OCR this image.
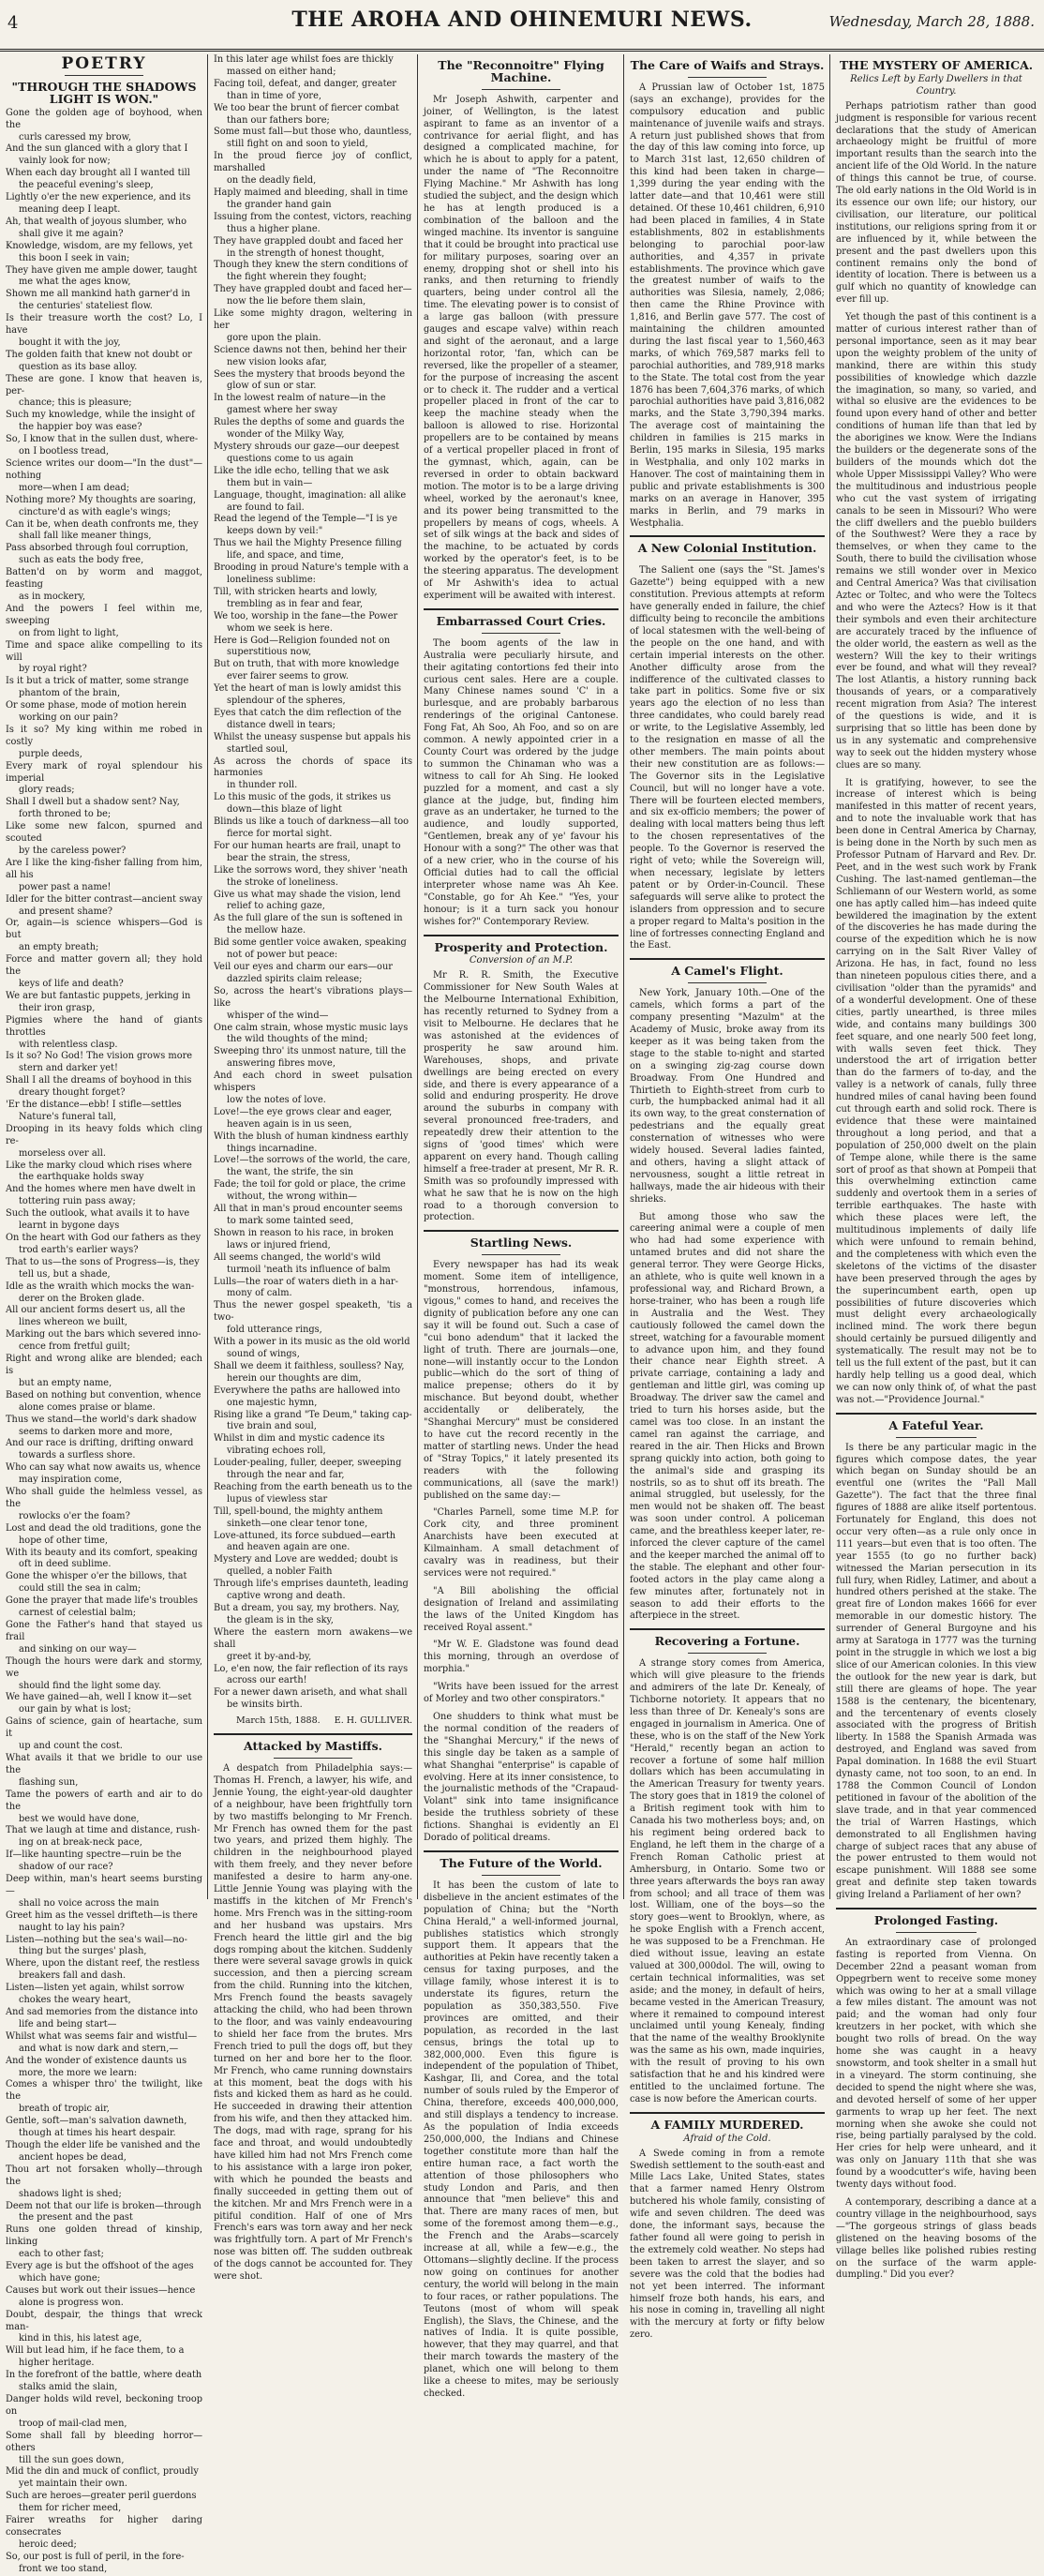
4	THE AROHA AND OHINEMURI NEWS.	Wednesday, March 28, 1888.
POETRY
"THROUGH THE SHADOWS LIGHT IS WON."
Gone the golden age of boyhood, when the
curls caressed my brow,
And the sun glanced with a glory that I
vainly look for now;
When each day brought all I wanted till
the peaceful evening's sleep,
Lightly o'er the new experience, and its
meaning deep I leapt.
Ah, that wealth of joyous slumber, who
shall give it me again?
Knowledge, wisdom, are my fellows, yet
this boon I seek in vain;
They have given me ample dower, taught
me what the ages know,
Shown me all mankind hath garner'd in
the centuries' stateliest flow.
Is their treasure worth the cost? Lo, I have
bought it with the joy,
The golden faith that knew not doubt or
question as its base alloy.
These are gone. I know that heaven is, per-
chance; this is pleasure;
Such my knowledge, while the insight of
the happier boy was ease?
So, I know that in the sullen dust, where-
on I bootless tread,
Science writes our doom—"In the dust"—nothing
more—when I am dead;
Nothing more? My thoughts are soaring,
cincture'd as with eagle's wings;
Can it be, when death confronts me, they
shall fall like meaner things,
Pass absorbed through foul corruption,
such as eats the body free,
Batten'd on by worm and maggot, feasting
as in mockery,
And the powers I feel within me, sweeping
on from light to light,
Time and space alike compelling to its will
by royal right?
Is it but a trick of matter, some strange
phantom of the brain,
Or some phase, mode of motion herein
working on our pain?
Is it so? My king within me robed in costly
purple deeds,
Every mark of royal splendour his imperial
glory reads;
Shall I dwell but a shadow sent? Nay,
forth throned to be;
Like some new falcon, spurned and scouted
by the careless power?
Are I like the king-fisher falling from him, all his
power past a name!
Idler for the bitter contrast—ancient sway
and present shame?
Or, again—is science whispers—God is but
an empty breath;
Force and matter govern all; they hold the
keys of life and death?
We are but fantastic puppets, jerking in
their iron grasp,
Pigmies where the hand of giants throttles
with relentless clasp.
Is it so? No God! The vision grows more
stern and darker yet!
Shall I all the dreams of boyhood in this
dreary thought forget?
'Er the distance—ebb! I stifle—settles
Nature's funeral tall,
Drooping in its heavy folds which cling re-
morseless over all.
Like the marky cloud which rises where
the earthquake holds sway
And the homes where men have dwelt in
tottering ruin pass away;
Such the outlook, what avails it to have
learnt in bygone days
On the heart with God our fathers as they
trod earth's earlier ways?
That to us—the sons of Progress—is, they
tell us, but a shade,
Idle as the wraith which mocks the wan-
derer on the Broken glade.
All our ancient forms desert us, all the
lines whereon we built,
Marking out the bars which severed inno-
cence from fretful guilt;
Right and wrong alike are blended; each is
but an empty name,
Based on nothing but convention, whence
alone comes praise or blame.
Thus we stand—the world's dark shadow
seems to darken more and more,
And our race is drifting, drifting onward
towards a surfless shore.
Who can say what now awaits us, whence
may inspiration come,
Who shall guide the helmless vessel, as the
rowlocks o'er the foam?
Lost and dead the old traditions, gone the
hope of other time,
With its beauty and its comfort, speaking
oft in deed sublime.
Gone the whisper o'er the billows, that
could still the sea in calm;
Gone the prayer that made life's troubles
carnest of celestial balm;
Gone the Father's hand that stayed us frail
and sinking on our way—
Though the hours were dark and stormy, we
should find the light some day.
We have gained—ah, well I know it—set
our gain by what is lost;
Gains of science, gain of heartache, sum it
up and count the cost.
What avails it that we bridle to our use the
flashing sun,
Tame the powers of earth and air to do the
best we would have done,
That we laugh at time and distance, rush-
ing on at break-neck pace,
If—like haunting spectre—ruin be the
shadow of our race?
Deep within, man's heart seems bursting—
shall no voice across the main
Greet him as the vessel drifteth—is there
naught to lay his pain?
Listen—nothing but the sea's wail—no-
thing but the surges' plash,
Where, upon the distant reef, the restless
breakers fall and dash.
Listen—listen yet again, whilst sorrow
chokes the weary heart,
And sad memories from the distance into
life and being start—
Whilst what was seems fair and wistful—
and what is now dark and stern,—
And the wonder of existence daunts us
more, the more we learn:
Comes a whisper thro' the twilight, like the
breath of tropic air,
Gentle, soft—man's salvation dawneth,
though at times his heart despair.
Though the elder life be vanished and the
ancient hopes be dead,
Thou art not forsaken wholly—through the
shadows light is shed;
Deem not that our life is broken—through
the present and the past
Runs one golden thread of kinship, linking
each to other fast;
Every age is but the offshoot of the ages
which have gone;
Causes but work out their issues—hence
alone is progress won.
Doubt, despair, the things that wreck man-
kind in this, his latest age,
Will but lead him, if he face them, to a
higher heritage.
In the forefront of the battle, where death
stalks amid the slain,
Danger holds wild revel, beckoning troop on
troop of mail-clad men,
Some shall fall by bleeding horror—others
till the sun goes down,
Mid the din and muck of conflict, proudly
yet maintain their own.
Such are heroes—greater peril guerdons
them for richer meed,
Fairer wreaths for higher daring consecrates
heroic deed;
So, our post is full of peril, in the fore-
front we too stand,
In this later age whilst foes are thickly
massed on either hand;
Facing toil, defeat, and danger, greater
than in time of yore,
We too bear the brunt of fiercer combat
than our fathers bore;
Some must fall—but those who, dauntless,
still fight on and soon to yield,
In the proud fierce joy of conflict, marshalled
on the deadly field,
Haply maimed and bleeding, shall in time
the grander hand gain
Issuing from the contest, victors, reaching
thus a higher plane.
They have grappled doubt and faced her
in the strength of honest thought,
Though they knew the stern conditions of
the fight wherein they fought;
They have grappled doubt and faced her—
now the lie before them slain,
Like some mighty dragon, weltering in her
gore upon the plain.
Science dawns not then, behind her their
new vision looks afar,
Sees the mystery that broods beyond the
glow of sun or star.
In the lowest realm of nature—in the
gamest where her sway
Rules the depths of some and guards the
wonder of the Milky Way,
Mystery shrouds our gaze—our deepest
questions come to us again
Like the idle echo, telling that we ask
them but in vain—
Language, thought, imagination: all alike
are found to fail.
Read the legend of the Temple—"I is ye
keeps down by veil:"
Thus we hail the Mighty Presence filling
life, and space, and time,
Brooding in proud Nature's temple with a
loneliness sublime:
Till, with stricken hearts and lowly,
trembling as in fear and fear,
We too, worship in the fane—the Power
whom we seek is here.
Here is God—Religion founded not on
superstitious now,
But on truth, that with more knowledge
ever fairer seems to grow.
Yet the heart of man is lowly amidst this
splendour of the spheres,
Eyes that catch the dim reflection of the
distance dwell in tears;
Whilst the uneasy suspense but appals his
startled soul,
As across the chords of space its harmonies
in thunder roll.
Lo this music of the gods, it strikes us
down—this blaze of light
Blinds us like a touch of darkness—all too
fierce for mortal sight.
For our human hearts are frail, unapt to
bear the strain, the stress,
Like the sorrows word, they shiver 'neath
the stroke of loneliness.
Give us what may shade the vision, lend
relief to aching gaze,
As the full glare of the sun is softened in
the mellow haze.
Bid some gentler voice awaken, speaking
not of power but peace:
Veil our eyes and charm our ears—our
dazzled spirits claim release;
So, across the heart's vibrations plays—like
whisper of the wind—
One calm strain, whose mystic music lays
the wild thoughts of the mind;
Sweeping thro' its unmost nature, till the
answering fibres move,
And each chord in sweet pulsation whispers
low the notes of love.
Love!—the eye grows clear and eager,
heaven again is in us seen,
With the blush of human kindness earthly
things incarnadine.
Love!—the sorrows of the world, the care,
the want, the strife, the sin
Fade; the toil for gold or place, the crime
without, the wrong within—
All that in man's proud encounter seems
to mark some tainted seed,
Shown in reason to his race, in broken
laws or injured friend,
All seems changed, the world's wild
turmoil 'neath its influence of balm
Lulls—the roar of waters dieth in a har-
mony of calm.
Thus the newer gospel speaketh, 'tis a two-
fold utterance rings,
With a power in its music as the old world
sound of wings,
Shall we deem it faithless, soulless? Nay,
herein our thoughts are dim,
Everywhere the paths are hallowed into
one majestic hymn,
Rising like a grand "Te Deum," taking cap-
tive brain and soul,
Whilst in dim and mystic cadence its
vibrating echoes roll,
Louder-pealing, fuller, deeper, sweeping
through the near and far,
Reaching from the earth beneath us to the
lupus of viewless star
Till, spell-bound, the mighty anthem
sinketh—one clear tenor tone,
Love-attuned, its force subdued—earth
and heaven again are one.
Mystery and Love are wedded; doubt is
quelled, a nobler Faith
Through life's emprises daunteth, leading
captive wrong and death.
But a dream, you say, my brothers. Nay,
the gleam is in the sky,
Where the eastern morn awakens—we shall
greet it by-and-by,
Lo, e'en now, the fair reflection of its rays
across our earth!
For a newer dawn ariseth, and what shall
be winsits birth.
March 15th, 1888. E. H. GULLIVER.
Attacked by Mastiffs.

A despatch from Philadelphia says:—Thomas H. French, a lawyer, his wife, and Jennie Young, the eight-year-old daughter of a neighbour, have been frightfully torn by two mastiffs belonging to Mr French. Mr French has owned them for the past two years, and prized them highly. The children in the neighbourhood played with them freely, and they never before manifested a desire to harm any-one. Little Jennie Young was playing with the mastiffs in the kitchen of Mr French's home. Mrs French was in the sitting-room and her husband was upstairs. Mrs French heard the little girl and the big dogs romping about the kitchen. Suddenly there were several savage growls in quick succession, and then a piercing scream from the child. Running into the kitchen, Mrs French found the beasts savagely attacking the child, who had been thrown to the floor, and was vainly endeavouring to shield her face from the brutes. Mrs French tried to pull the dogs off, but they turned on her and bore her to the floor. Mr French, who came running downstairs at this moment, beat the dogs with his fists and kicked them as hard as he could. He succeeded in drawing their attention from his wife, and then they attacked him. The dogs, mad with rage, sprang for his face and throat, and would undoubtedly have killed him had not Mrs French come to his assistance with a large iron poker, with which he pounded the beasts and finally succeeded in getting them out of the kitchen. Mr and Mrs French were in a pitiful condition. Half of one of Mrs French's ears was torn away and her neck was frightfully torn. A part of Mr French's nose was bitten off. The sudden outbreak of the dogs cannot be accounted for. They were shot.

The "Reconnoitre" Flying Machine.

Mr Joseph Ashwith, carpenter and joiner, of Wellington, is the latest aspirant to fame as an inventor of a contrivance for aerial flight, and has designed a complicated machine, for which he is about to apply for a patent, under the name of "The Reconnoitre Flying Machine." Mr Ashwith has long studied the subject, and the design which he has at length produced is a combination of the balloon and the winged machine. Its inventor is sanguine that it could be brought into practical use for military purposes, soaring over an enemy, dropping shot or shell into his ranks, and then returning to friendly quarters, being under control all the time. The elevating power is to consist of a large gas balloon (with pressure gauges and escape valve) within reach and sight of the aeronaut, and a large horizontal rotor, 'fan, which can be reversed, like the propeller of a steamer, for the purpose of increasing the ascent or to check it. The rudder and a vertical propeller placed in front of the car to keep the machine steady when the balloon is allowed to rise. Horizontal propellers are to be contained by means of a vertical propeller placed in front of the gymnast, which, again, can be reversed in order to obtain backward motion. The motor is to be a large driving wheel, worked by the aeronaut's knee, and its power being transmitted to the propellers by means of cogs, wheels. A set of silk wings at the back and sides of the machine, to be actuated by cords worked by the operator's feet, is to be the steering apparatus. The development of Mr Ashwith's idea to actual experiment will be awaited with interest.

Embarrassed Court Cries.

The boom agents of the law in Australia were peculiarly hirsute, and their agitating contortions fed their into curious cent sales. Here are a couple. Many Chinese names sound 'C' in a burlesque, and are probably barbarous renderings of the original Cantonese. Fong Fat, Ah Soo, Ah Foo, and so on are common. A newly appointed crier in a County Court was ordered by the judge to summon the Chinaman who was a witness to call for Ah Sing. He looked puzzled for a moment, and cast a sly glance at the judge, but, finding him grave as an undertaker, he turned to the audience, and loudly supported, "Gentlemen, break any of ye' favour his Honour with a song?" The other was that of a new crier, who in the course of his Official duties had to call the official interpreter whose name was Ah Kee. "Constable, go for Ah Kee." "Yes, your honour; is it a turn sack you honour wishes for?" Contemporary Review.

Prosperity and Protection.
Conversion of an M.P.

Mr R. R. Smith, the Executive Commissioner for New South Wales at the Melbourne International Exhibition, has recently returned to Sydney from a visit to Melbourne. He declares that he was astonished at the evidences of prosperity he saw around him. Warehouses, shops, and private dwellings are being erected on every side, and there is every appearance of a solid and enduring prosperity. He drove around the suburbs in company with several pronounced free-traders, and repeatedly drew their attention to the signs of 'good times' which were apparent on every hand. Though calling himself a free-trader at present, Mr R. R. Smith was so profoundly impressed with what he saw that he is now on the high road to a thorough conversion to protection.

Startling News.

Every newspaper has had its weak moment. Some item of intelligence, "monstrous, horrendous, infamous, vigous," comes to hand, and receives the dignity of publication before any one can say it will be found out. Such a case of "cui bono adendum" that it lacked the light of truth. There are journals—one, none—will instantly occur to the London public—which do the sort of thing of malice prepense; others do it by mischance. But beyond doubt, whether accidentally or deliberately, the "Shanghai Mercury" must be considered to have cut the record recently in the matter of startling news. Under the head of "Stray Topics," it lately presented its readers with the following communications, all (save the mark!) published on the same day:—

"Charles Parnell, some time M.P. for Cork city, and three prominent Anarchists have been executed at Kilmainham. A small detachment of cavalry was in readiness, but their services were not required."

"A Bill abolishing the official designation of Ireland and assimilating the laws of the United Kingdom has received Royal assent."

"Mr W. E. Gladstone was found dead this morning, through an overdose of morphia."

"Writs have been issued for the arrest of Morley and two other conspirators."

One shudders to think what must be the normal condition of the readers of the "Shanghai Mercury," if the news of this single day be taken as a sample of what Shanghai "enterprise" is capable of evolving. Here at its inner consistence, to the journalistic methods of the "Crapaud-Volant" sink into tame insignificance beside the truthless sobriety of these fictions. Shanghai is evidently an El Dorado of political dreams.

The Future of the World.

It has been the custom of late to disbelieve in the ancient estimates of the population of China; but the "North China Herald," a well-informed journal, publishes statistics which strongly support them. It appears that the authorities at Pekin have recently taken a census for taxing purposes, and the village family, whose interest it is to understate its figures, return the population as 350,383,550. Five provinces are omitted, and their population, as recorded in the last census, brings the total up to 382,000,000. Even this figure is independent of the population of Thibet, Kashgar, Ili, and Corea, and the total number of souls ruled by the Emperor of China, therefore, exceeds 400,000,000, and still displays a tendency to increase. As the population of India exceeds 250,000,000, the Indians and Chinese together constitute more than half the entire human race, a fact worth the attention of those philosophers who study London and Paris, and then announce that "men believe" this and that. There are many races of men, but some of the foremost among them—e.g., the French and the Arabs—scarcely increase at all, while a few—e.g., the Ottomans—slightly decline. If the process now going on continues for another century, the world will belong in the main to four races, or rather populations. The Teutons (most of whom will speak English), the Slavs, the Chinese, and the natives of India. It is quite possible, however, that they may quarrel, and that their march towards the mastery of the planet, which one will belong to them like a cheese to mites, may be seriously checked.

The Care of Waifs and Strays.

A Prussian law of October 1st, 1875 (says an exchange), provides for the compulsory education and public maintenance of juvenile waifs and strays. A return just published shows that from the day of this law coming into force, up to March 31st last, 12,650 children of this kind had been taken in charge—1,399 during the year ending with the latter date—and that 10,461 were still detained. Of these 10,461 children, 6,910 had been placed in families, 4 in State establishments, 802 in establishments belonging to parochial poor-law authorities, and 4,357 in private establishments. The province which gave the greatest number of waifs to the authorities was Silesia, namely, 2,086; then came the Rhine Province with 1,816, and Berlin gave 577. The cost of maintaining the children amounted during the last fiscal year to 1,560,463 marks, of which 769,587 marks fell to parochial authorities, and 789,918 marks to the State. The total cost from the year 1876 has been 7,604,376 marks, of which parochial authorities have paid 3,816,082 marks, and the State 3,790,394 marks. The average cost of maintaining the children in families is 215 marks in Berlin, 195 marks in Silesia, 195 marks in Westphalia, and only 102 marks in Hanover. The cost of maintaining them in public and private establishments is 300 marks on an average in Hanover, 395 marks in Berlin, and 79 marks in Westphalia.

A New Colonial Institution.

The Salient one (says the "St. James's Gazette") being equipped with a new constitution. Previous attempts at reform have generally ended in failure, the chief difficulty being to reconcile the ambitions of local statesmen with the well-being of the people on the one hand, and with certain imperial interests on the other. Another difficulty arose from the indifference of the cultivated classes to take part in politics. Some five or six years ago the election of no less than three candidates, who could barely read or write, to the Legislative Assembly, led to the resignation en masse of all the other members. The main points about their new constitution are as follows:—The Governor sits in the Legislative Council, but will no longer have a vote. There will be fourteen elected members, and six ex-officio members; the power of dealing with local matters being thus left to the chosen representatives of the people. To the Governor is reserved the right of veto; while the Sovereign will, when necessary, legislate by letters patent or by Order-in-Council. These safeguards will serve alike to protect the islanders from oppression and to secure a proper regard to Malta's position in the line of fortresses connecting England and the East.

A Camel's Flight.

New York, January 10th.—One of the camels, which forms a part of the company presenting "Mazulm" at the Academy of Music, broke away from its keeper as it was being taken from the stage to the stable to-night and started on a swinging zig-zag course down Broadway. From One Hundred and Thirtieth to Eighth-street from curb to curb, the humpbacked animal had it all its own way, to the great consternation of pedestrians and the equally great consternation of witnesses who were widely housed. Several ladies fainted, and others, having a slight attack of nervousness, sought a little retreat in hallways, made the air hideous with their shrieks.

But among those who saw the careering animal were a couple of men who had had some experience with untamed brutes and did not share the general terror. They were George Hicks, an athlete, who is quite well known in a professional way, and Richard Brown, a horse-trainer, who has been a rough life in Australia and the West. They cautiously followed the camel down the street, watching for a favourable moment to advance upon him, and they found their chance near Eighth street. A private carriage, containing a lady and gentleman and little girl, was coming up Broadway. The driver saw the camel and tried to turn his horses aside, but the camel was too close. In an instant the camel ran against the carriage, and reared in the air. Then Hicks and Brown sprang quickly into action, both going to the animal's side and grasping its nostrils, so as to shut off its breath. The animal struggled, but uselessly, for the men would not be shaken off. The beast was soon under control. A policeman came, and the breathless keeper later, re-inforced the clever capture of the camel and the keeper marched the animal off to the stable. The elephant and other four-footed actors in the play came along a few minutes after, fortunately not in season to add their efforts to the afterpiece in the street.

Recovering a Fortune.

A strange story comes from America, which will give pleasure to the friends and admirers of the late Dr. Kenealy, of Tichborne notoriety. It appears that no less than three of Dr. Kenealy's sons are engaged in journalism in America. One of these, who is on the staff of the New York "Herald," recently began an action to recover a fortune of some half million dollars which has been accumulating in the American Treasury for twenty years. The story goes that in 1819 the colonel of a British regiment took with him to Canada his two motherless boys; and, on his regiment being ordered back to England, he left them in the charge of a French Roman Catholic priest at Amhersburg, in Ontario. Some two or three years afterwards the boys ran away from school; and all trace of them was lost. William, one of the boys—so the story goes—went to Brooklyn, where, as he spoke English with a French accent, he was supposed to be a Frenchman. He died without issue, leaving an estate valued at 300,000dol. The will, owing to certain technical informalities, was set aside; and the money, in default of heirs, became vested in the American Treasury, where it remained to compound interest unclaimed until young Kenealy, finding that the name of the wealthy Brooklynite was the same as his own, made inquiries, with the result of proving to his own satisfaction that he and his kindred were entitled to the unclaimed fortune. The case is now before the American courts.

A FAMILY MURDERED.
Afraid of the Cold.

A Swede coming in from a remote Swedish settlement to the south-east and Mille Lacs Lake, United States, states that a farmer named Henry Olstrom butchered his whole family, consisting of wife and seven children. The deed was done, the informant says, because the father found all were going to perish in the extremely cold weather. No steps had been taken to arrest the slayer, and so severe was the cold that the bodies had not yet been interred. The informant himself froze both hands, his ears, and his nose in coming in, travelling all night with the mercury at forty or fifty below zero.

THE MYSTERY OF AMERICA.
Relics Left by Early Dwellers in that Country.

Perhaps patriotism rather than good judgment is responsible for various recent declarations that the study of American archaeology might be fruitful of more important results than the search into the ancient life of the Old World. In the nature of things this cannot be true, of course. The old early nations in the Old World is in its essence our own life; our history, our civilisation, our literature, our political institutions, our religions spring from it or are influenced by it, while between the present and the past dwellers upon this continent remains only the bond of identity of location. There is between us a gulf which no quantity of knowledge can ever fill up.

Yet though the past of this continent is a matter of curious interest rather than of personal importance, seen as it may bear upon the weighty problem of the unity of mankind, there are within this study possibilities of knowledge which dazzle the imagination, so many, so varied, and withal so elusive are the evidences to be found upon every hand of other and better conditions of human life than that led by the aborigines we know. Were the Indians the builders or the degenerate sons of the builders of the mounds which dot the whole Upper Mississippi Valley? Who were the multitudinous and industrious people who cut the vast system of irrigating canals to be seen in Missouri? Who were the cliff dwellers and the pueblo builders of the Southwest? Were they a race by themselves, or when they came to the South, there to build the civilisation whose remains we still wonder over in Mexico and Central America? Was that civilisation Aztec or Toltec, and who were the Toltecs and who were the Aztecs? How is it that their symbols and even their architecture are accurately traced by the influence of the older world, the eastern as well as the western? Will the key to their writings ever be found, and what will they reveal? The lost Atlantis, a history running back thousands of years, or a comparatively recent migration from Asia? The interest of the questions is wide, and it is surprising that so little has been done by us in any systematic and comprehensive way to seek out the hidden mystery whose clues are so many.

It is gratifying, however, to see the increase of interest which is being manifested in this matter of recent years, and to note the invaluable work that has been done in Central America by Charnay, is being done in the North by such men as Professor Putnam of Harvard and Rev. Dr. Peet, and in the west such work by Frank Cushing. The last-named gentleman—the Schliemann of our Western world, as some one has aptly called him—has indeed quite bewildered the imagination by the extent of the discoveries he has made during the course of the expedition which he is now carrying on in the Salt River Valley of Arizona. He has, in fact, found no less than nineteen populous cities there, and a civilisation "older than the pyramids" and of a wonderful development. One of these cities, partly unearthed, is three miles wide, and contains many buildings 300 feet square, and one nearly 500 feet long, with walls seven feet thick. They understood the art of irrigation better than do the farmers of to-day, and the valley is a network of canals, fully three hundred miles of canal having been found cut through earth and solid rock. There is evidence that these were maintained throughout a long period, and that a population of 250,000 dwelt on the plain of Tempe alone, while there is the same sort of proof as that shown at Pompeii that this overwhelming extinction came suddenly and overtook them in a series of terrible earthquakes. The haste with which these places were left, the multitudinous implements of daily life which were unfound to remain behind, and the completeness with which even the skeletons of the victims of the disaster have been preserved through the ages by the superincumbent earth, open up possibilities of future discoveries which must delight every archaeologically inclined mind. The work there begun should certainly be pursued diligently and systematically. The result may not be to tell us the full extent of the past, but it can hardly help telling us a good deal, which we can now only think of, of what the past was not.—"Providence Journal."

A Fateful Year.

Is there be any particular magic in the figures which compose dates, the year which began on Sunday should be an eventful one (writes the "Pall Mall Gazette"). The fact that the three final figures of 1888 are alike itself portentous. Fortunately for England, this does not occur very often—as a rule only once in 111 years—but even that is too often. The year 1555 (to go no further back) witnessed the Marian persecution in its full fury, when Ridley, Latimer, and about a hundred others perished at the stake. The great fire of London makes 1666 for ever memorable in our domestic history. The surrender of General Burgoyne and his army at Saratoga in 1777 was the turning point in the struggle in which we lost a big slice of our American colonies. In this view the outlook for the new year is dark, but still there are gleams of hope. The year 1588 is the centenary, the bicentenary, and the tercentenary of events closely associated with the progress of British liberty. In 1588 the Spanish Armada was destroyed, and England was saved from Papal domination. In 1688 the evil Stuart dynasty came, not too soon, to an end. In 1788 the Common Council of London petitioned in favour of the abolition of the slave trade, and in that year commenced the trial of Warren Hastings, which demonstrated to all Englishmen having charge of subject races that any abuse of the power entrusted to them would not escape punishment. Will 1888 see some great and definite step taken towards giving Ireland a Parliament of her own?

Prolonged Fasting.

An extraordinary case of prolonged fasting is reported from Vienna. On December 22nd a peasant woman from Oppegrbern went to receive some money which was owing to her at a small village a few miles distant. The amount was not paid; and the woman had only four kreutzers in her pocket, with which she bought two rolls of bread. On the way home she was caught in a heavy snowstorm, and took shelter in a small hut in a vineyard. The storm continuing, she decided to spend the night where she was, and devoted herself of some of her upper garments to wrap up her feet. The next morning when she awoke she could not rise, being partially paralysed by the cold. Her cries for help were unheard, and it was only on January 11th that she was found by a woodcutter's wife, having been twenty days without food.

A contemporary, describing a dance at a country village in the neighbourhood, says—"The gorgeous strings of glass beads glistened on the heaving bosoms of the village belles like polished rubies resting on the surface of the warm apple-dumpling." Did you ever?
